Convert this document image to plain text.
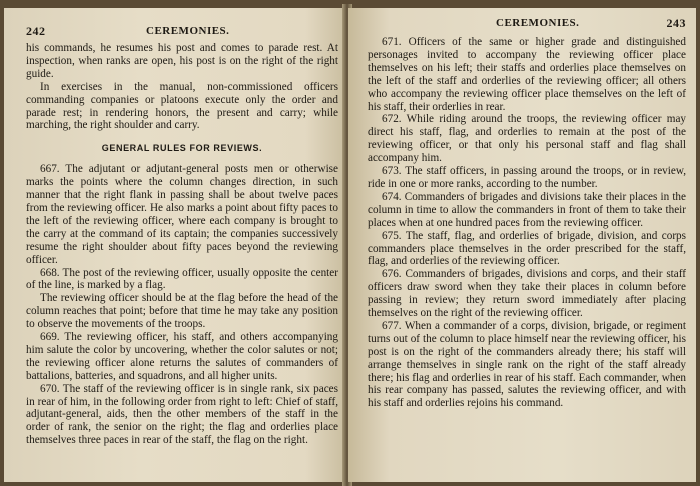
242	CEREMONIES.

his commands, he resumes his post and comes to parade rest. At inspection, when ranks are open, his post is on the right of the right guide.

In exercises in the manual, non-commissioned officers commanding companies or platoons execute only the order and parade rest; in rendering honors, the present and carry; while marching, the right shoulder and carry.

GENERAL RULES FOR REVIEWS.

667. The adjutant or adjutant-general posts men or otherwise marks the points where the column changes direction, in such manner that the right flank in passing shall be about twelve paces from the reviewing officer. He also marks a point about fifty paces to the left of the reviewing officer, where each company is brought to the carry at the command of its captain; the companies successively resume the right shoulder about fifty paces beyond the reviewing officer.

668. The post of the reviewing officer, usually opposite the center of the line, is marked by a flag.

The reviewing officer should be at the flag before the head of the column reaches that point; before that time he may take any position to observe the movements of the troops.

669. The reviewing officer, his staff, and others accompanying him salute the color by uncovering, whether the color salutes or not; the reviewing officer alone returns the salutes of commanders of battalions, batteries, and squadrons, and all higher units.

670. The staff of the reviewing officer is in single rank, six paces in rear of him, in the following order from right to left: Chief of staff, adjutant-general, aids, then the other members of the staff in the order of rank, the senior on the right; the flag and orderlies place themselves three paces in rear of the staff, the flag on the right.

CEREMONIES.	243

671. Officers of the same or higher grade and distinguished personages invited to accompany the reviewing officer place themselves on his left; their staffs and orderlies place themselves on the left of the staff and orderlies of the reviewing officer; all others who accompany the reviewing officer place themselves on the left of his staff, their orderlies in rear.

672. While riding around the troops, the reviewing officer may direct his staff, flag, and orderlies to remain at the post of the reviewing officer, or that only his personal staff and flag shall accompany him.

673. The staff officers, in passing around the troops, or in review, ride in one or more ranks, according to the number.

674. Commanders of brigades and divisions take their places in the column in time to allow the commanders in front of them to take their places when at one hundred paces from the reviewing officer.

675. The staff, flag, and orderlies of brigade, division, and corps commanders place themselves in the order prescribed for the staff, flag, and orderlies of the reviewing officer.

676. Commanders of brigades, divisions and corps, and their staff officers draw sword when they take their places in column before passing in review; they return sword immediately after placing themselves on the right of the reviewing officer.

677. When a commander of a corps, division, brigade, or regiment turns out of the column to place himself near the reviewing officer, his post is on the right of the commanders already there; his staff will arrange themselves in single rank on the right of the staff already there; his flag and orderlies in rear of his staff. Each commander, when his rear company has passed, salutes the reviewing officer, and with his staff and orderlies rejoins his command.
